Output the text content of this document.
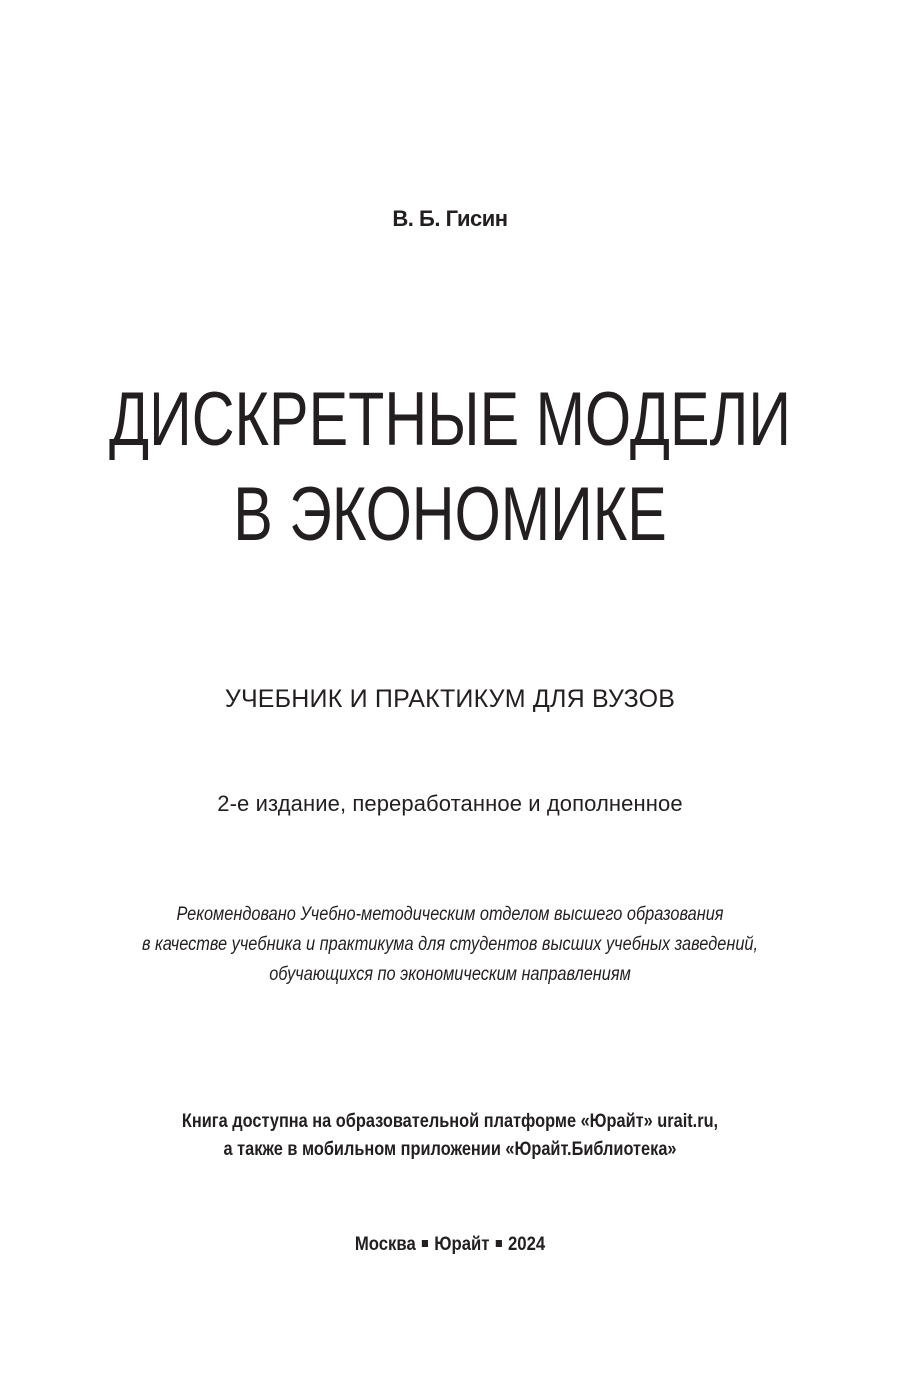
В. Б. Гисин
ДИСКРЕТНЫЕ МОДЕЛИ
В ЭКОНОМИКЕ
УЧЕБНИК И ПРАКТИКУМ ДЛЯ ВУЗОВ
2-е издание, переработанное и дополненное
Рекомендовано Учебно-методическим отделом высшего образования
в качестве учебника и практикума для студентов высших учебных заведений,
обучающихся по экономическим направлениям
Книга доступна на образовательной платформе «Юрайт» urait.ru,
а также в мобильном приложении «Юрайт.Библиотека»
Москва Юрайт 2024
